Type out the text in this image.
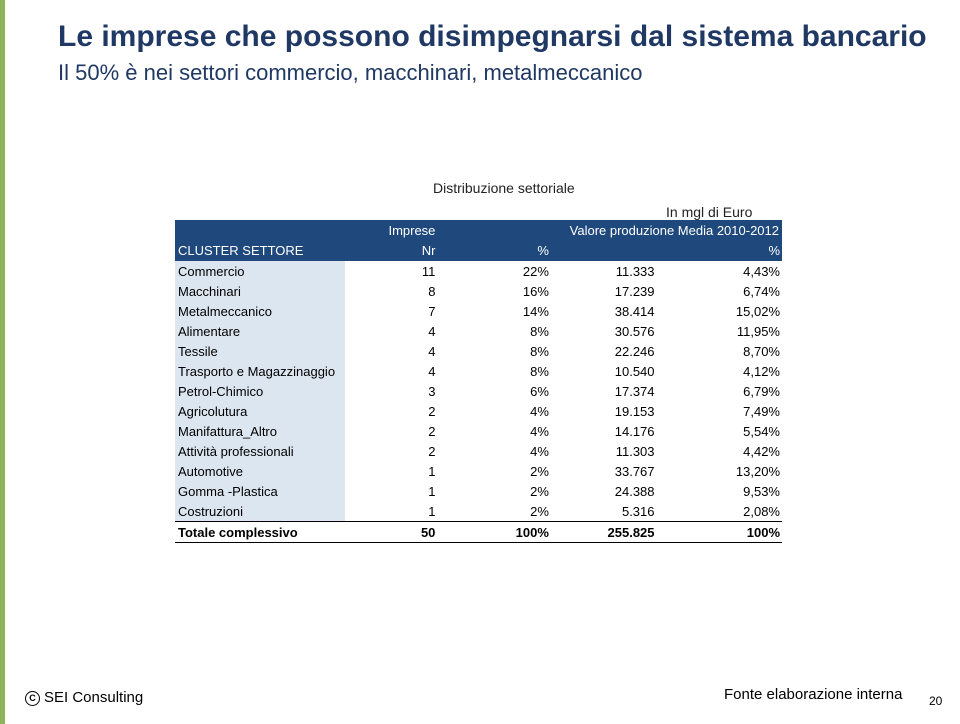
Le imprese che possono disimpegnarsi dal sistema bancario
Il 50% è nei settori commercio, macchinari, metalmeccanico
Distribuzione settoriale
In mgl di Euro
	Imprese	Valore produzione Media 2010-2012		
CLUSTER SETTORE	Nr	%		%
Commercio	11	22%	11.333	4,43%
Macchinari	8	16%	17.239	6,74%
Metalmeccanico	7	14%	38.414	15,02%
Alimentare	4	8%	30.576	11,95%
Tessile	4	8%	22.246	8,70%
Trasporto e Magazzinaggio	4	8%	10.540	4,12%
Petrol-Chimico	3	6%	17.374	6,79%
Agricolutura	2	4%	19.153	7,49%
Manifattura_Altro	2	4%	14.176	5,54%
Attività professionali	2	4%	11.303	4,42%
Automotive	1	2%	33.767	13,20%
Gomma -Plastica	1	2%	24.388	9,53%
Costruzioni	1	2%	5.316	2,08%
Totale complessivo	50	100%	255.825	100%
C SEI Consulting	Fonte elaborazione interna 20
